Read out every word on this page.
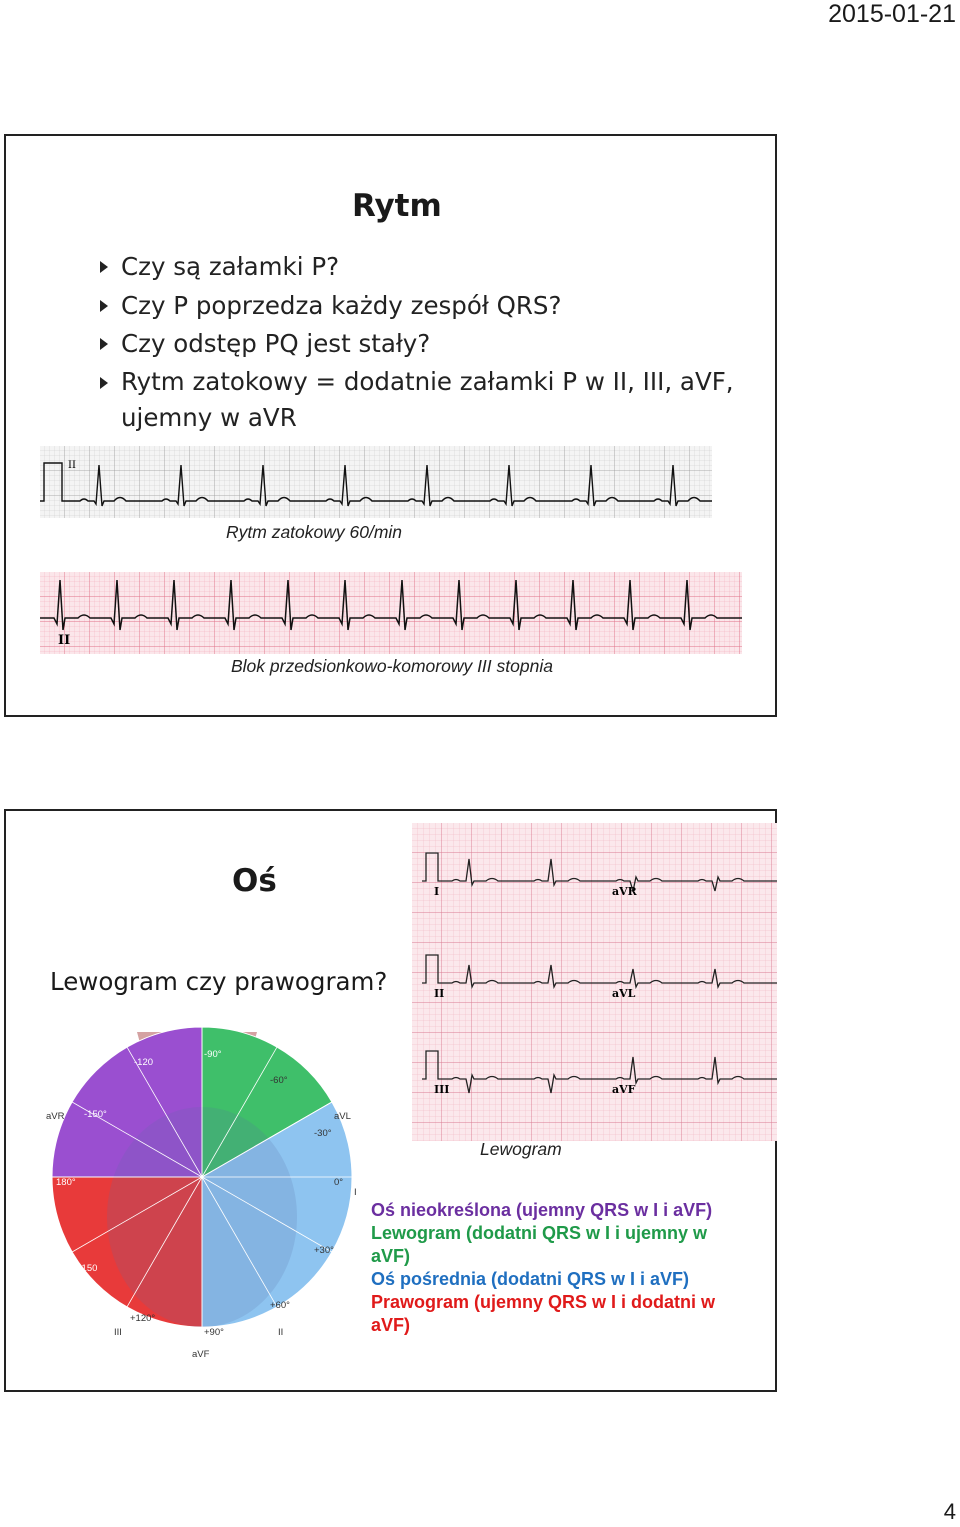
2015-01-21
Rytm
Czy są załamki P?
Czy P poprzedza każdy zespół QRS?
Czy odstęp PQ jest stały?
Rytm zatokowy = dodatnie załamki P w II, III, aVF, ujemny w aVR
II
Rytm zatokowy 60/min
II
Blok przedsionkowo-komorowy III stopnia
Oś
Lewogram czy prawogram?
I	aVR
II	aVL
III	aVF
Lewogram
-90°
-120
-60°
-150°
-30°
180°	0°
+150
+30°
+120°
+60°
+90°
aVR	aVL
I
III	II
aVF
Oś nieokreślona (ujemny QRS w I i aVF)
Lewogram (dodatni QRS w I i ujemny w aVF)
Oś pośrednia (dodatni QRS w I i aVF)
Prawogram (ujemny QRS w I i dodatni w aVF)
4
